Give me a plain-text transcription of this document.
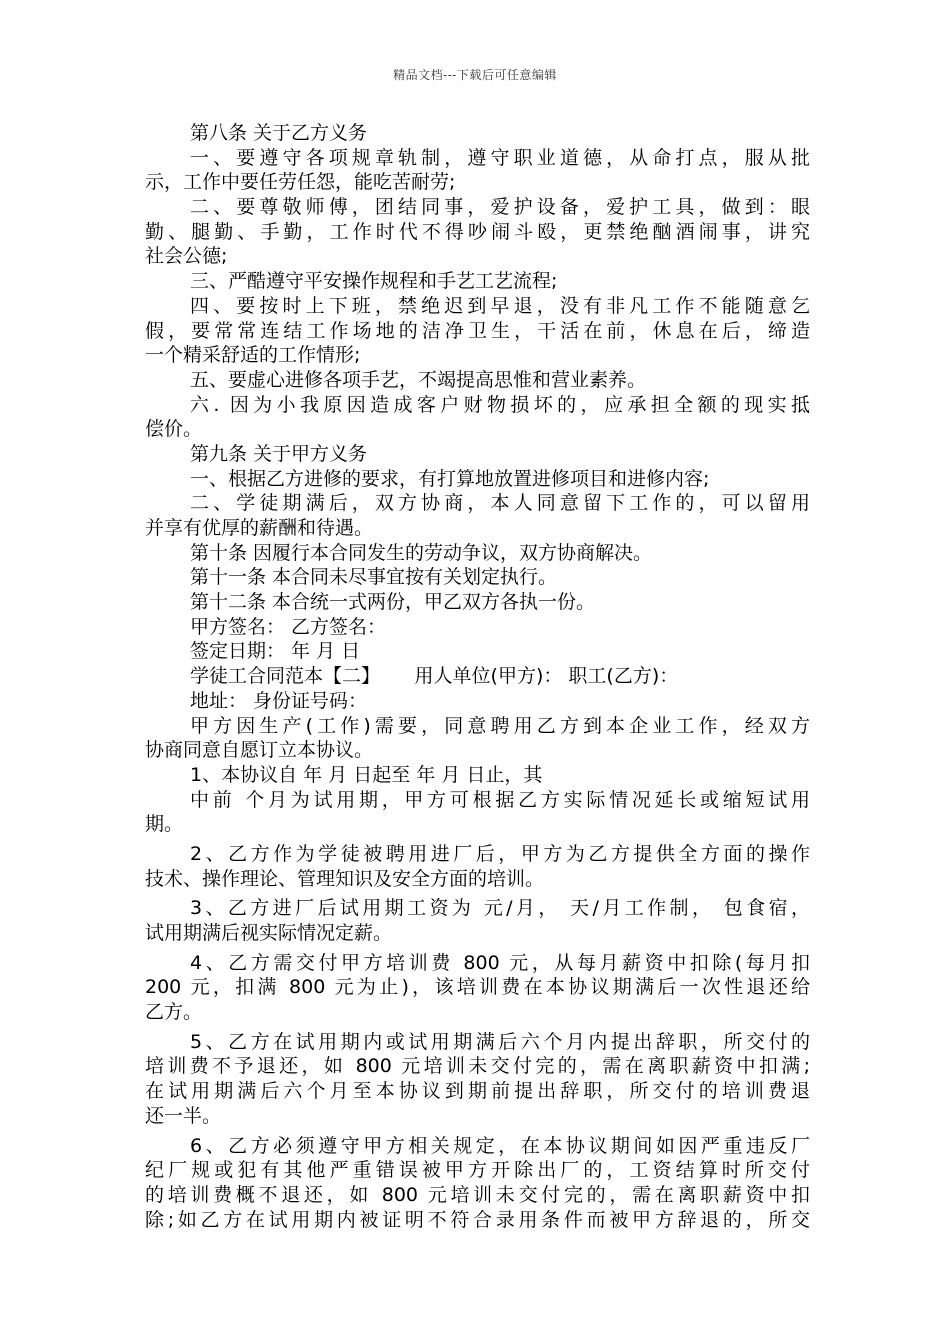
精品文档---下载后可任意编辑
第八条 关于乙方义务
一、要遵守各项规章轨制，遵守职业道德，从命打点，服从批
示，工作中要任劳任怨，能吃苦耐劳;
二、要尊敬师傅，团结同事，爱护设备，爱护工具，做到：眼
勤、腿勤、手勤，工作时代不得吵闹斗殴，更禁绝酗酒闹事，讲究
社会公德;
三、严酷遵守平安操作规程和手艺工艺流程;
四、要按时上下班，禁绝迟到早退，没有非凡工作不能随意乞
假，要常常连结工作场地的洁净卫生，干活在前，休息在后，缔造
一个精采舒适的工作情形;
五、要虚心进修各项手艺，不竭提高思惟和营业素养。
六. 因为小我原因造成客户财物损坏的，应承担全额的现实抵
偿价。
第九条 关于甲方义务
一、根据乙方进修的要求，有打算地放置进修项目和进修内容;
二、学徒期满后，双方协商，本人同意留下工作的，可以留用
并享有优厚的薪酬和待遇。
第十条 因履行本合同发生的劳动争议，双方协商解决。
第十一条 本合同未尽事宜按有关划定执行。
第十二条 本合统一式两份，甲乙双方各执一份。
甲方签名： 乙方签名：
签定日期： 年 月 日
学徒工合同范本【二】　　 用人单位(甲方)： 职工(乙方)：
地址： 身份证号码：
甲方因生产(工作)需要，同意聘用乙方到本企业工作，经双方
协商同意自愿订立本协议。
1、本协议自 年 月 日起至 年 月 日止，其
中前 个月为试用期，甲方可根据乙方实际情况延长或缩短试用
期。
2、乙方作为学徒被聘用进厂后，甲方为乙方提供全方面的操作
技术、操作理论、管理知识及安全方面的培训。
3、乙方进厂后试用期工资为 元/月， 天/月工作制， 包食宿，
试用期满后视实际情况定薪。
4、乙方需交付甲方培训费 800 元，从每月薪资中扣除(每月扣
200 元，扣满 800 元为止)，该培训费在本协议期满后一次性退还给
乙方。
5、乙方在试用期内或试用期满后六个月内提出辞职，所交付的
培训费不予退还，如 800 元培训未交付完的，需在离职薪资中扣满;
在试用期满后六个月至本协议到期前提出辞职，所交付的培训费退
还一半。
6、乙方必须遵守甲方相关规定，在本协议期间如因严重违反厂
纪厂规或犯有其他严重错误被甲方开除出厂的，工资结算时所交付
的培训费概不退还，如 800 元培训未交付完的，需在离职薪资中扣
除;如乙方在试用期内被证明不符合录用条件而被甲方辞退的，所交
